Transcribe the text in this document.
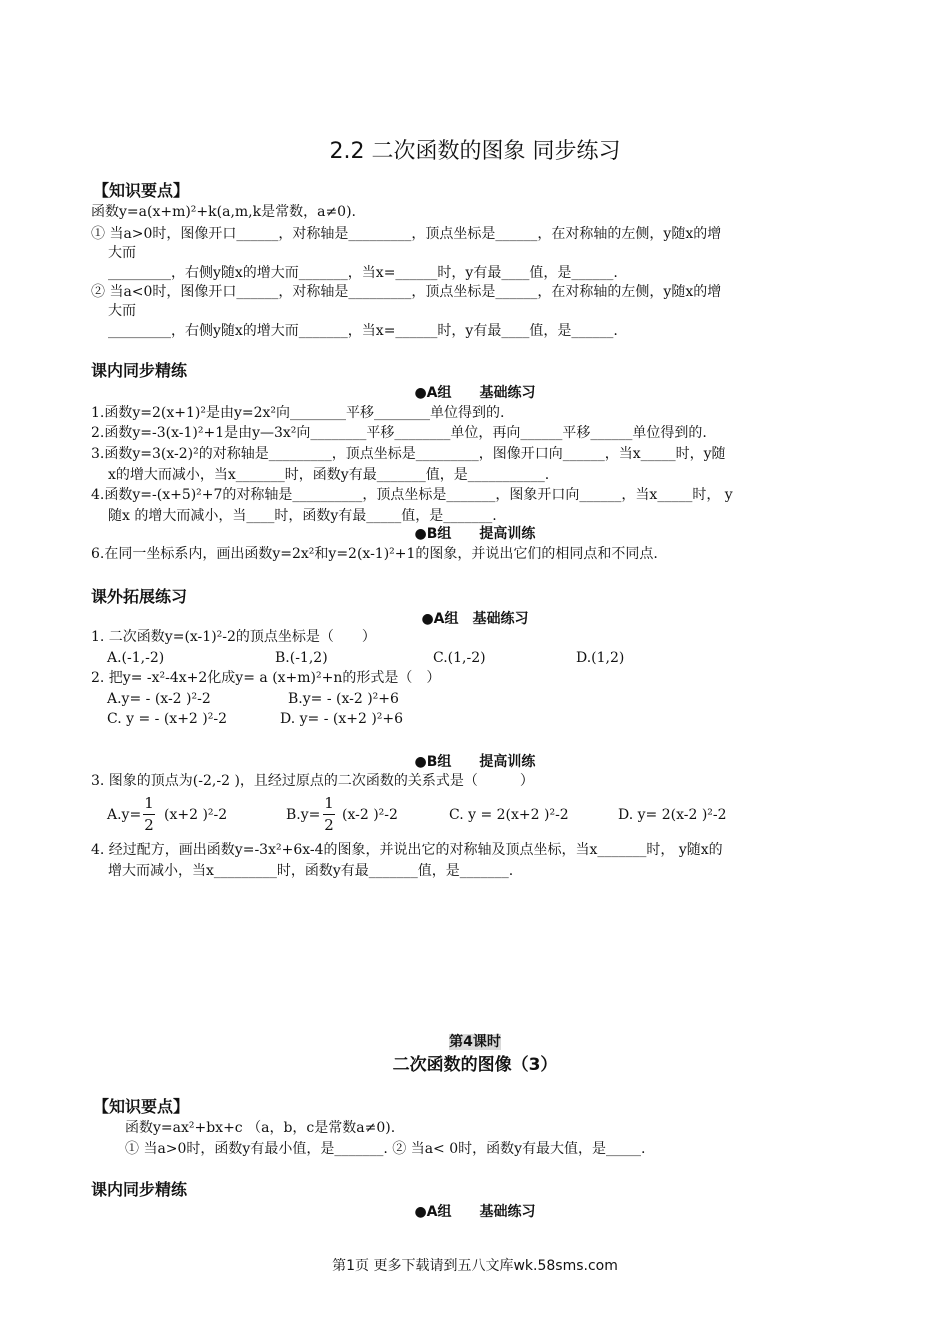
2.2 二次函数的图象 同步练习
【知识要点】
函数y=a(x+m)²+k(a,m,k是常数，a≠0).
① 当a>0时，图像开口______，对称轴是_________，顶点坐标是______，在对称轴的左侧，y随x的增
大而
_________，右侧y随x的增大而_______，当x=______时，y有最____值，是______.
② 当a<0时，图像开口______，对称轴是_________，顶点坐标是______，在对称轴的左侧，y随x的增
大而
_________，右侧y随x的增大而_______，当x=______时，y有最____值，是______.
课内同步精练
●A组　　基础练习
1.函数y=2(x+1)²是由y=2x²向________平移________单位得到的.
2.函数y=-3(x-1)²+1是由y—3x²向________平移________单位，再向______平移______单位得到的.
3.函数y=3(x-2)²的对称轴是_________，顶点坐标是_________，图像开口向______，当x_____时，y随
x的增大而减小，当x_______时，函数y有最_______值，是___________.
4.函数y=-(x+5)²+7的对称轴是__________，顶点坐标是_______，图象开口向______，当x_____时， y
随x 的增大而减小，当____时，函数y有最_____值，是_______.
●B组　　提高训练
6.在同一坐标系内，画出函数y=2x²和y=2(x-1)²+1的图象，并说出它们的相同点和不同点.
课外拓展练习
●A组　基础练习
1. 二次函数y=(x-1)²-2的顶点坐标是（　　）
A.(-1,-2)	B.(-1,2)	C.(1,-2)	D.(1,2)
2. 把y= -x²-4x+2化成y= a (x+m)²+n的形式是（　）
A.y= - (x-2 )²-2	B.y= - (x-2 )²+6
C. y = - (x+2 )²-2	D. y= - (x+2 )²+6
●B组　　提高训练
3. 图象的顶点为(-2,-2 )，且经过原点的二次函数的关系式是（　　　）
A.y=
1
2
(x+2 )²-2	B.y=
1
2
(x-2 )²-2	C. y = 2(x+2 )²-2	D. y= 2(x-2 )²-2
4. 经过配方，画出函数y=-3x²+6x-4的图象，并说出它的对称轴及顶点坐标，当x_______时， y随x的
增大而减小，当x_________时，函数y有最_______值，是_______.
第4课时
二次函数的图像（3）
【知识要点】
函数y=ax²+bx+c （a，b，c是常数a≠0).
① 当a>0时，函数y有最小值，是_______. ② 当a< 0时，函数y有最大值，是_____.
课内同步精练
●A组　　基础练习
第1页 更多下载请到五八文库wk.58sms.com
